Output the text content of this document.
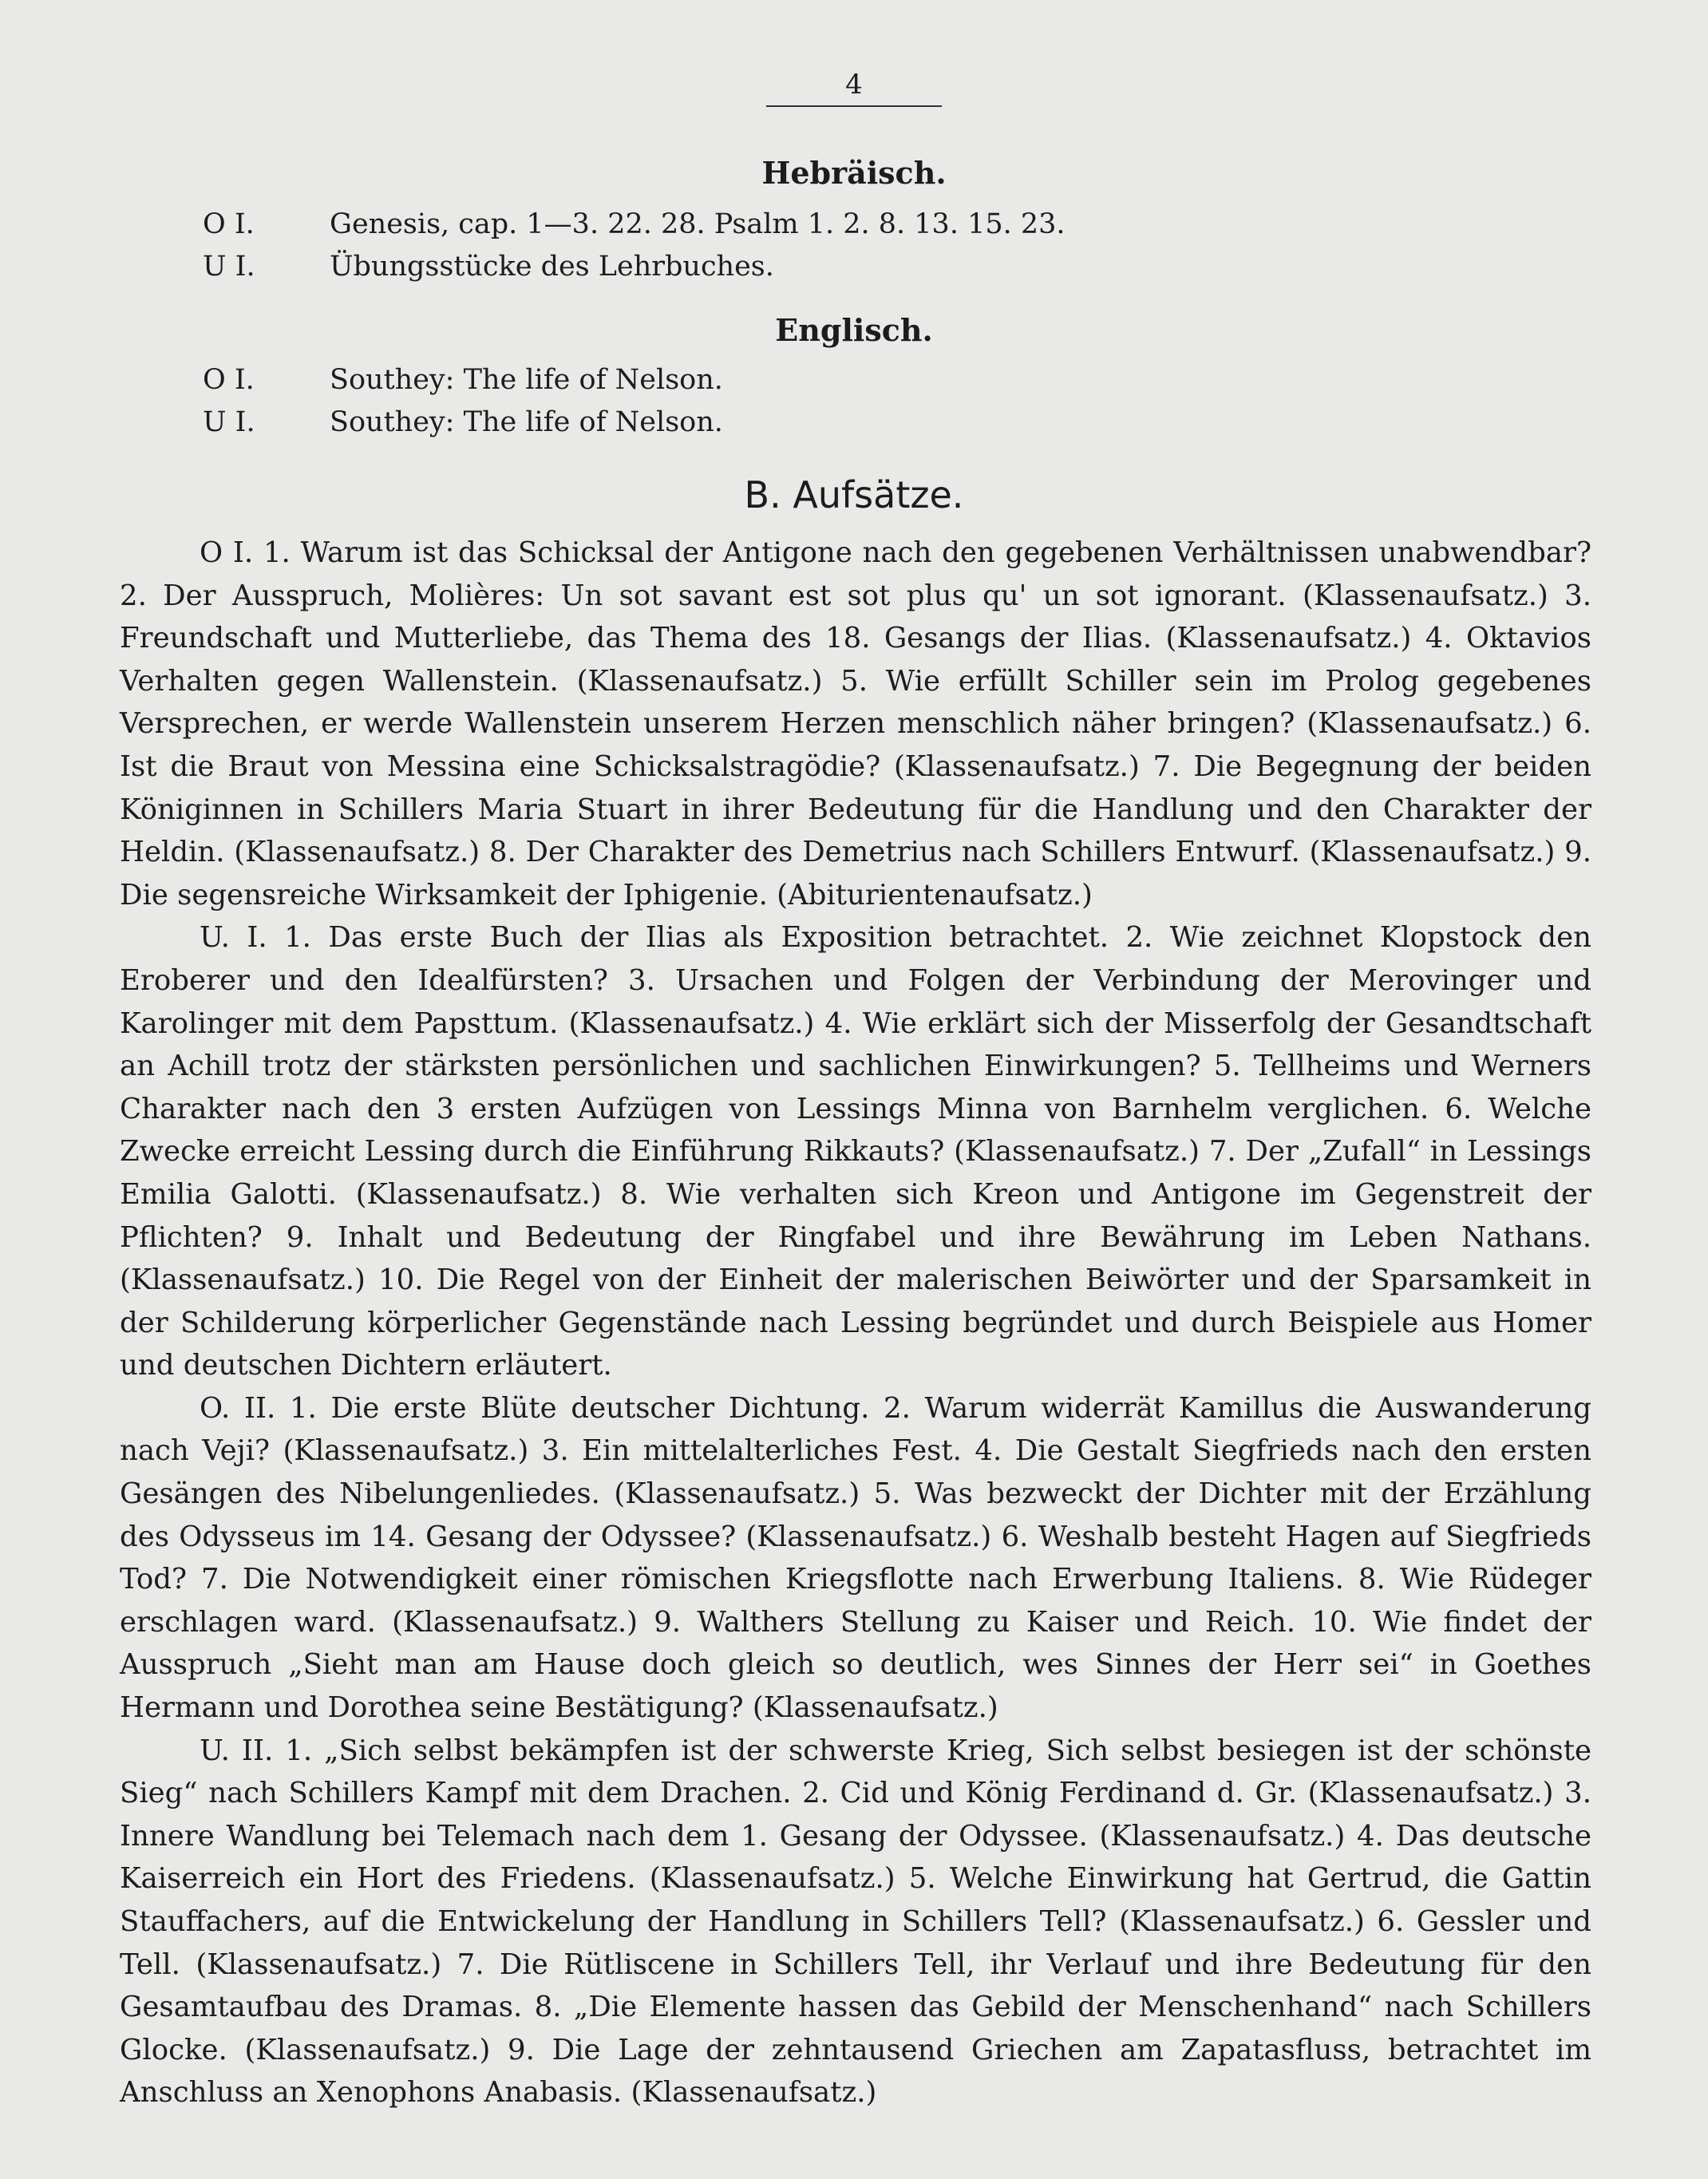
4
Hebräisch.
O I.	Genesis, cap. 1—3. 22. 28. Psalm 1. 2. 8. 13. 15. 23.
U I.	Übungsstücke des Lehrbuches.
Englisch.
O I.	Southey: The life of Nelson.
U I.	Southey: The life of Nelson.
B. Aufsätze.

O I. 1. Warum ist das Schicksal der Antigone nach den gegebenen Verhältnissen unabwendbar? 2. Der Ausspruch, Molières: Un sot savant est sot plus qu' un sot ignorant. (Klassenaufsatz.) 3. Freundschaft und Mutterliebe, das Thema des 18. Gesangs der Ilias. (Klassenaufsatz.) 4. Oktavios Verhalten gegen Wallenstein. (Klassenaufsatz.) 5. Wie erfüllt Schiller sein im Prolog gegebenes Versprechen, er werde Wallenstein unserem Herzen menschlich näher bringen? (Klassenaufsatz.) 6. Ist die Braut von Messina eine Schicksalstragödie? (Klassenaufsatz.) 7. Die Begegnung der beiden Königinnen in Schillers Maria Stuart in ihrer Bedeutung für die Handlung und den Charakter der Heldin. (Klassenaufsatz.) 8. Der Charakter des Demetrius nach Schillers Entwurf. (Klassenaufsatz.) 9. Die segensreiche Wirksamkeit der Iphigenie. (Abiturientenaufsatz.)

U. I. 1. Das erste Buch der Ilias als Exposition betrachtet. 2. Wie zeichnet Klopstock den Eroberer und den Idealfürsten? 3. Ursachen und Folgen der Verbindung der Merovinger und Karolinger mit dem Papsttum. (Klassenaufsatz.) 4. Wie erklärt sich der Misserfolg der Gesandtschaft an Achill trotz der stärksten persönlichen und sachlichen Einwirkungen? 5. Tellheims und Werners Charakter nach den 3 ersten Aufzügen von Lessings Minna von Barnhelm verglichen. 6. Welche Zwecke erreicht Lessing durch die Einführung Rikkauts? (Klassenaufsatz.) 7. Der „Zufall“ in Lessings Emilia Galotti. (Klassenaufsatz.) 8. Wie verhalten sich Kreon und Antigone im Gegenstreit der Pflichten? 9. Inhalt und Bedeutung der Ringfabel und ihre Bewährung im Leben Nathans. (Klassenaufsatz.) 10. Die Regel von der Einheit der malerischen Beiwörter und der Sparsamkeit in der Schilderung körperlicher Gegenstände nach Lessing begründet und durch Beispiele aus Homer und deutschen Dichtern erläutert.

O. II. 1. Die erste Blüte deutscher Dichtung. 2. Warum widerrät Kamillus die Auswanderung nach Veji? (Klassenaufsatz.) 3. Ein mittelalterliches Fest. 4. Die Gestalt Siegfrieds nach den ersten Gesängen des Nibelungenliedes. (Klassenaufsatz.) 5. Was bezweckt der Dichter mit der Erzählung des Odysseus im 14. Gesang der Odyssee? (Klassenaufsatz.) 6. Weshalb besteht Hagen auf Siegfrieds Tod? 7. Die Notwendigkeit einer römischen Kriegsflotte nach Erwerbung Italiens. 8. Wie Rüdeger erschlagen ward. (Klassenaufsatz.) 9. Walthers Stellung zu Kaiser und Reich. 10. Wie findet der Ausspruch „Sieht man am Hause doch gleich so deutlich, wes Sinnes der Herr sei“ in Goethes Hermann und Dorothea seine Bestätigung? (Klassenaufsatz.)

U. II. 1. „Sich selbst bekämpfen ist der schwerste Krieg, Sich selbst besiegen ist der schönste Sieg“ nach Schillers Kampf mit dem Drachen. 2. Cid und König Ferdinand d. Gr. (Klassenaufsatz.) 3. Innere Wandlung bei Telemach nach dem 1. Gesang der Odyssee. (Klassenaufsatz.) 4. Das deutsche Kaiserreich ein Hort des Friedens. (Klassenaufsatz.) 5. Welche Einwirkung hat Gertrud, die Gattin Stauffachers, auf die Entwickelung der Handlung in Schillers Tell? (Klassenaufsatz.) 6. Gessler und Tell. (Klassenaufsatz.) 7. Die Rütliscene in Schillers Tell, ihr Verlauf und ihre Bedeutung für den Gesamtaufbau des Dramas. 8. „Die Elemente hassen das Gebild der Menschenhand“ nach Schillers Glocke. (Klassenaufsatz.) 9. Die Lage der zehntausend Griechen am Zapatasfluss, betrachtet im Anschluss an Xenophons Anabasis. (Klassenaufsatz.)
